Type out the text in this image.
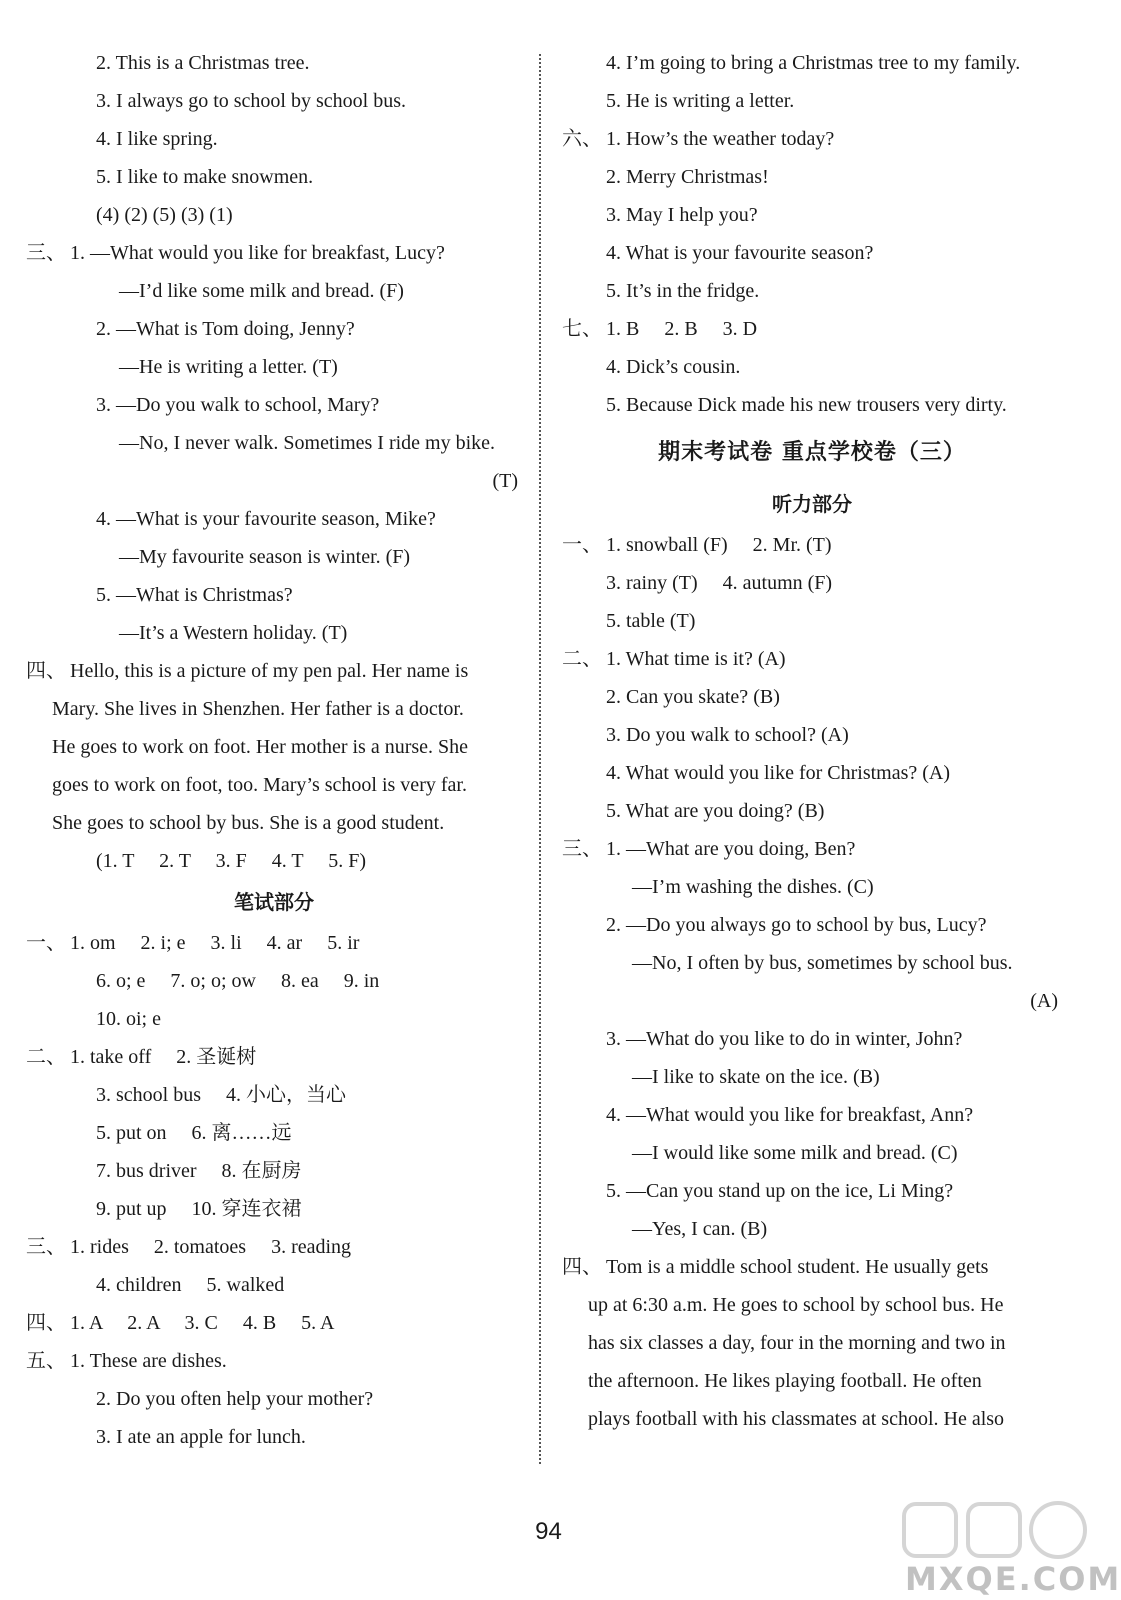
2. This is a Christmas tree.
3. I always go to school by school bus.
4. I like spring.
5. I like to make snowmen.
(4) (2) (5) (3) (1)
三、 1. —What would you like for breakfast, Lucy?
—I’d like some milk and bread. (F)
2. —What is Tom doing, Jenny?
—He is writing a letter. (T)
3. —Do you walk to school, Mary?
—No, I never walk. Sometimes I ride my bike.
(T)
4. —What is your favourite season, Mike?
—My favourite season is winter. (F)
5. —What is Christmas?
—It’s a Western holiday. (T)
四、 Hello, this is a picture of my pen pal. Her name is
Mary. She lives in Shenzhen. Her father is a doctor.
He goes to work on foot. Her mother is a nurse. She
goes to work on foot, too. Mary’s school is very far.
She goes to school by bus. She is a good student.
(1. T     2. T     3. F     4. T     5. F)
笔试部分
一、 1. om     2. i; e     3. li     4. ar     5. ir
6. o; e     7. o; o; ow     8. ea     9. in
10. oi; e
二、 1. take off     2. 圣诞树
3. school bus     4. 小心，当心
5. put on     6. 离……远
7. bus driver     8. 在厨房
9. put up     10. 穿连衣裙
三、 1. rides     2. tomatoes     3. reading
4. children     5. walked
四、 1. A     2. A     3. C     4. B     5. A
五、 1. These are dishes.
2. Do you often help your mother?
3. I ate an apple for lunch.
4. I’m going to bring a Christmas tree to my family.
5. He is writing a letter.
六、 1. How’s the weather today?
2. Merry Christmas!
3. May I help you?
4. What is your favourite season?
5. It’s in the fridge.
七、 1. B     2. B     3. D
4. Dick’s cousin.
5. Because Dick made his new trousers very dirty.
期末考试卷 重点学校卷（三）
听力部分
一、 1. snowball (F)     2. Mr. (T)
3. rainy (T)     4. autumn (F)
5. table (T)
二、 1. What time is it? (A)
2. Can you skate? (B)
3. Do you walk to school? (A)
4. What would you like for Christmas? (A)
5. What are you doing? (B)
三、 1. —What are you doing, Ben?
—I’m washing the dishes. (C)
2. —Do you always go to school by bus, Lucy?
—No, I often by bus, sometimes by school bus.
(A)
3. —What do you like to do in winter, John?
—I like to skate on the ice. (B)
4. —What would you like for breakfast, Ann?
—I would like some milk and bread. (C)
5. —Can you stand up on the ice, Li Ming?
—Yes, I can. (B)
四、 Tom is a middle school student. He usually gets
up at 6:30 a.m. He goes to school by school bus. He
has six classes a day, four in the morning and two in
the afternoon. He likes playing football. He often
plays football with his classmates at school. He also
94
MXQE.COM
